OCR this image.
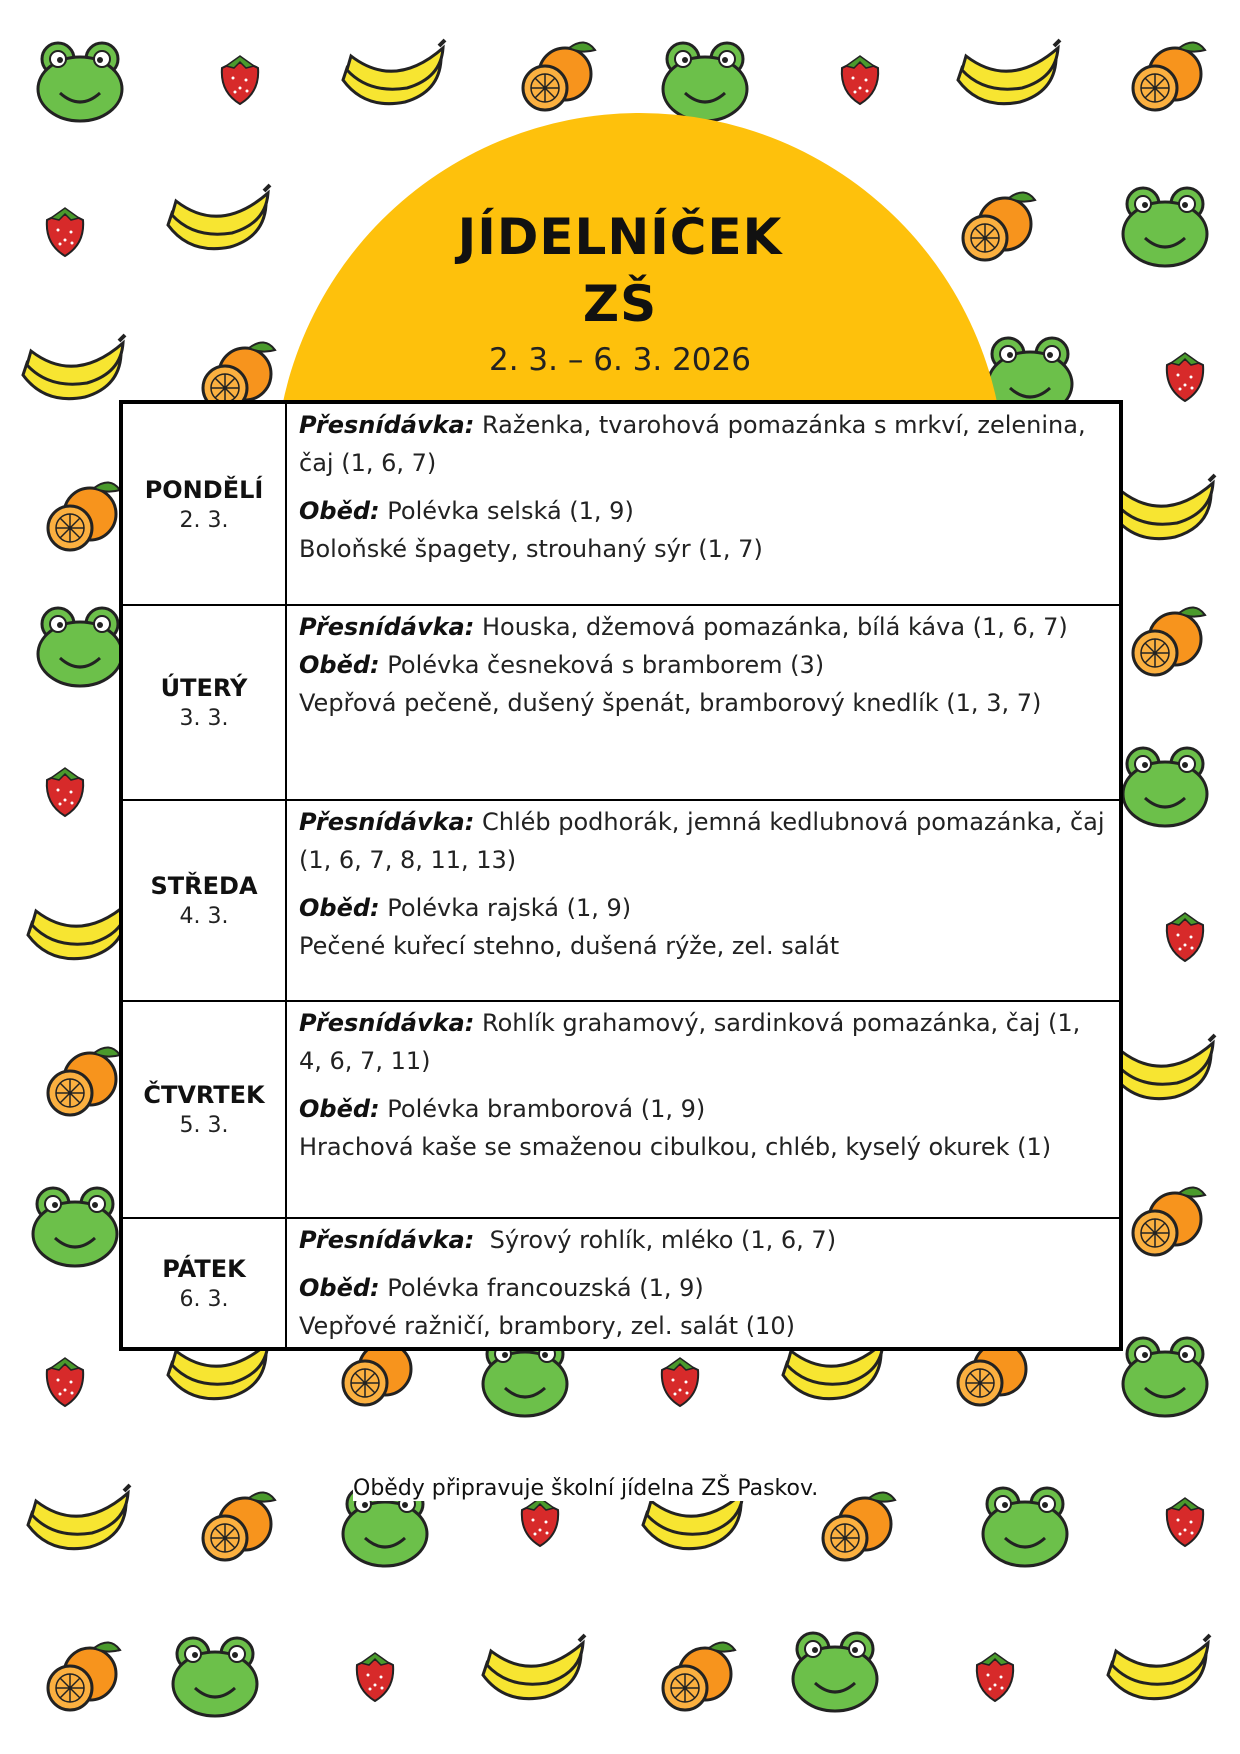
JÍDELNÍČEK
ZŠ
2. 3. – 6. 3. 2026
PONDĚLÍ
2. 3.

Přesnídávka: Raženka, tvarohová pomazánka s mrkví, zelenina, čaj (1, 6, 7)

Oběd: Polévka selská (1, 9)
Boloňské špagety, strouhaný sýr (1, 7)

ÚTERÝ
3. 3.

Přesnídávka: Houska, džemová pomazánka, bílá káva (1, 6, 7)

Oběd: Polévka česneková s bramborem (3)
Vepřová pečeně, dušený špenát, bramborový knedlík (1, 3, 7)

STŘEDA
4. 3.

Přesnídávka: Chléb podhorák, jemná kedlubnová pomazánka, čaj (1, 6, 7, 8, 11, 13)

Oběd: Polévka rajská (1, 9)
Pečené kuřecí stehno, dušená rýže, zel. salát

ČTVRTEK
5. 3.

Přesnídávka: Rohlík grahamový, sardinková pomazánka, čaj (1, 4, 6, 7, 11)

Oběd: Polévka bramborová (1, 9)
Hrachová kaše se smaženou cibulkou, chléb, kyselý okurek (1)

PÁTEK
6. 3.

Přesnídávka:  Sýrový rohlík, mléko (1, 6, 7)

Oběd: Polévka francouzská (1, 9)
Vepřové ražničí, brambory, zel. salát (10)

Obědy připravuje školní jídelna ZŠ Paskov.
